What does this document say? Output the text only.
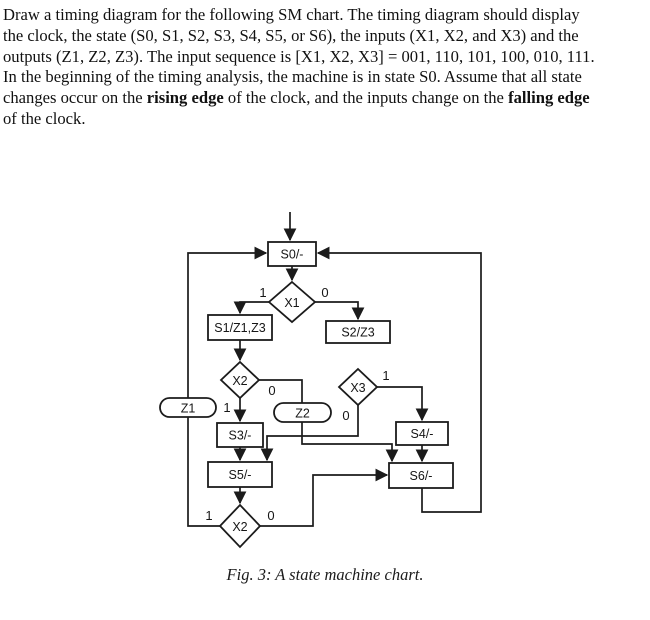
Draw a timing diagram for the following SM chart. The timing diagram should display
the clock, the state (S0, S1, S2, S3, S4, S5, or S6), the inputs (X1, X2, and X3) and the
outputs (Z1, Z2, Z3). The input sequence is [X1, X2, X3] = 001, 110, 101, 100, 010, 111.
In the beginning of the timing analysis, the machine is in state S0. Assume that all state
changes occur on the rising edge of the clock, and the inputs change on the falling edge
of the clock.
Z1	Z2
S0/-
S1/Z1,Z3	S2/Z3
S3/-	S4/-
S5/-	S6/-
X1
X2	X3
X2
1	0
1
0
1
0
1	0
Fig. 3: A state machine chart.
